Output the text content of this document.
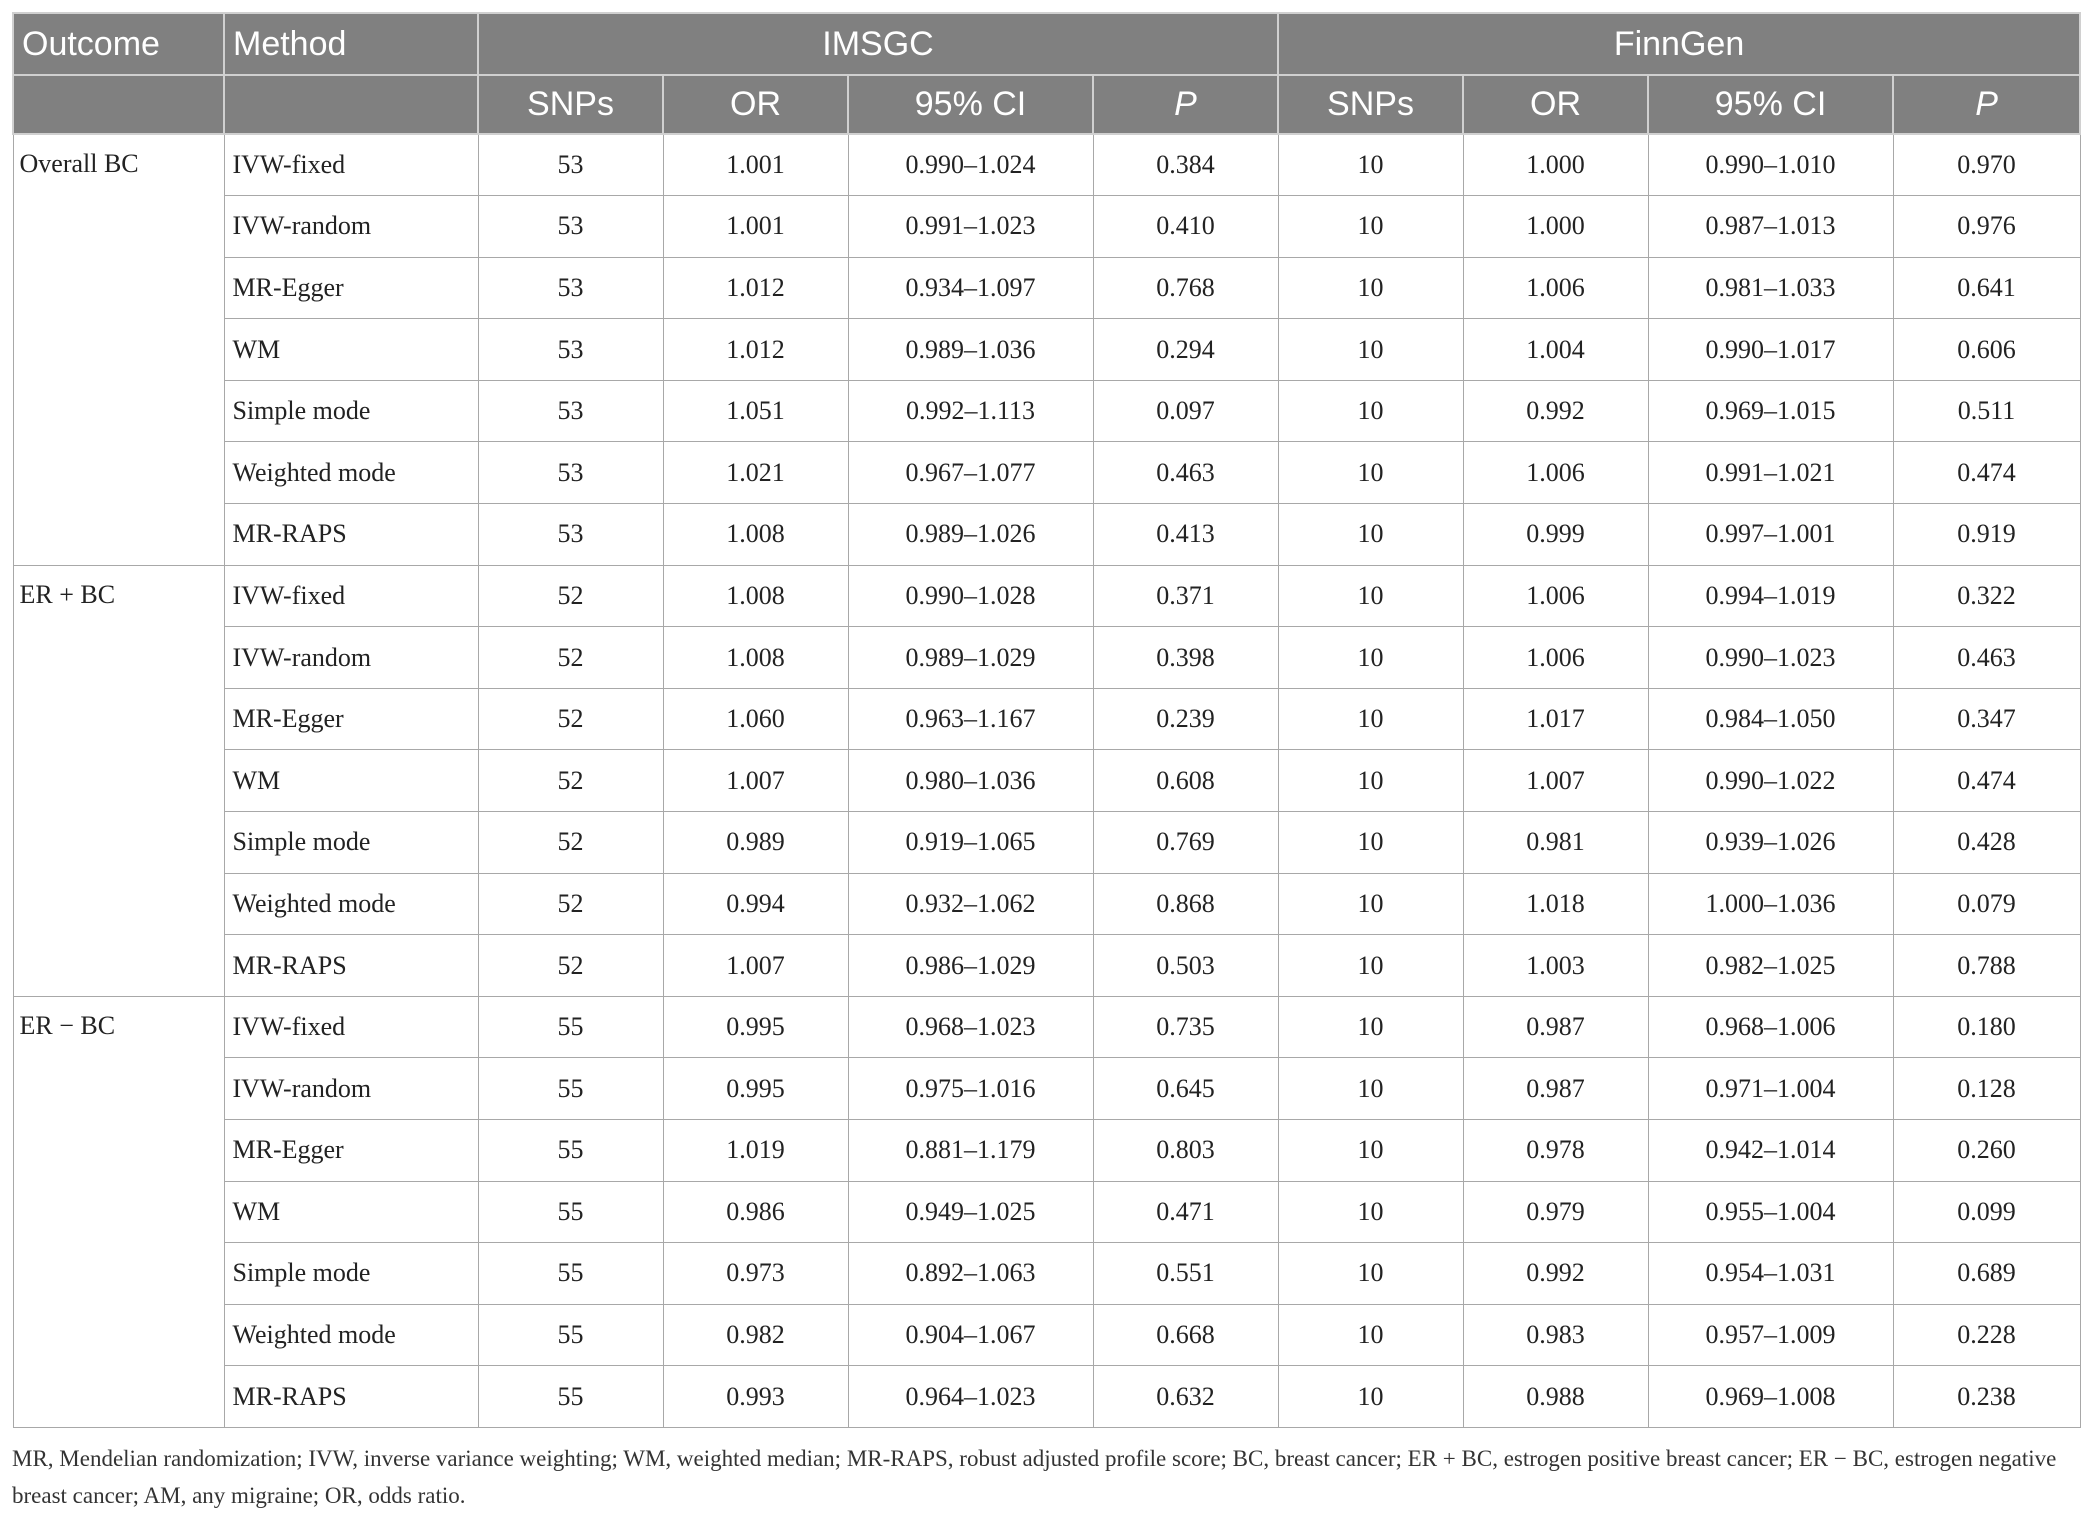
Outcome	Method	IMSGC				FinnGen			
		SNPs	OR	95% CI	P	SNPs	OR	95% CI	P
Overall BC	IVW-fixed	53	1.001	0.990–1.024	0.384	10	1.000	0.990–1.010	0.970
	IVW-random	53	1.001	0.991–1.023	0.410	10	1.000	0.987–1.013	0.976
	MR-Egger	53	1.012	0.934–1.097	0.768	10	1.006	0.981–1.033	0.641
	WM	53	1.012	0.989–1.036	0.294	10	1.004	0.990–1.017	0.606
	Simple mode	53	1.051	0.992–1.113	0.097	10	0.992	0.969–1.015	0.511
	Weighted mode	53	1.021	0.967–1.077	0.463	10	1.006	0.991–1.021	0.474
	MR-RAPS	53	1.008	0.989–1.026	0.413	10	0.999	0.997–1.001	0.919
ER + BC	IVW-fixed	52	1.008	0.990–1.028	0.371	10	1.006	0.994–1.019	0.322
	IVW-random	52	1.008	0.989–1.029	0.398	10	1.006	0.990–1.023	0.463
	MR-Egger	52	1.060	0.963–1.167	0.239	10	1.017	0.984–1.050	0.347
	WM	52	1.007	0.980–1.036	0.608	10	1.007	0.990–1.022	0.474
	Simple mode	52	0.989	0.919–1.065	0.769	10	0.981	0.939–1.026	0.428
	Weighted mode	52	0.994	0.932–1.062	0.868	10	1.018	1.000–1.036	0.079
	MR-RAPS	52	1.007	0.986–1.029	0.503	10	1.003	0.982–1.025	0.788
ER − BC	IVW-fixed	55	0.995	0.968–1.023	0.735	10	0.987	0.968–1.006	0.180
	IVW-random	55	0.995	0.975–1.016	0.645	10	0.987	0.971–1.004	0.128
	MR-Egger	55	1.019	0.881–1.179	0.803	10	0.978	0.942–1.014	0.260
	WM	55	0.986	0.949–1.025	0.471	10	0.979	0.955–1.004	0.099
	Simple mode	55	0.973	0.892–1.063	0.551	10	0.992	0.954–1.031	0.689
	Weighted mode	55	0.982	0.904–1.067	0.668	10	0.983	0.957–1.009	0.228
	MR-RAPS	55	0.993	0.964–1.023	0.632	10	0.988	0.969–1.008	0.238
MR, Mendelian randomization; IVW, inverse variance weighting; WM, weighted median; MR-RAPS, robust adjusted profile score; BC, breast cancer; ER + BC, estrogen positive breast cancer; ER − BC, estrogen negative breast cancer; AM, any migraine; OR, odds ratio.
